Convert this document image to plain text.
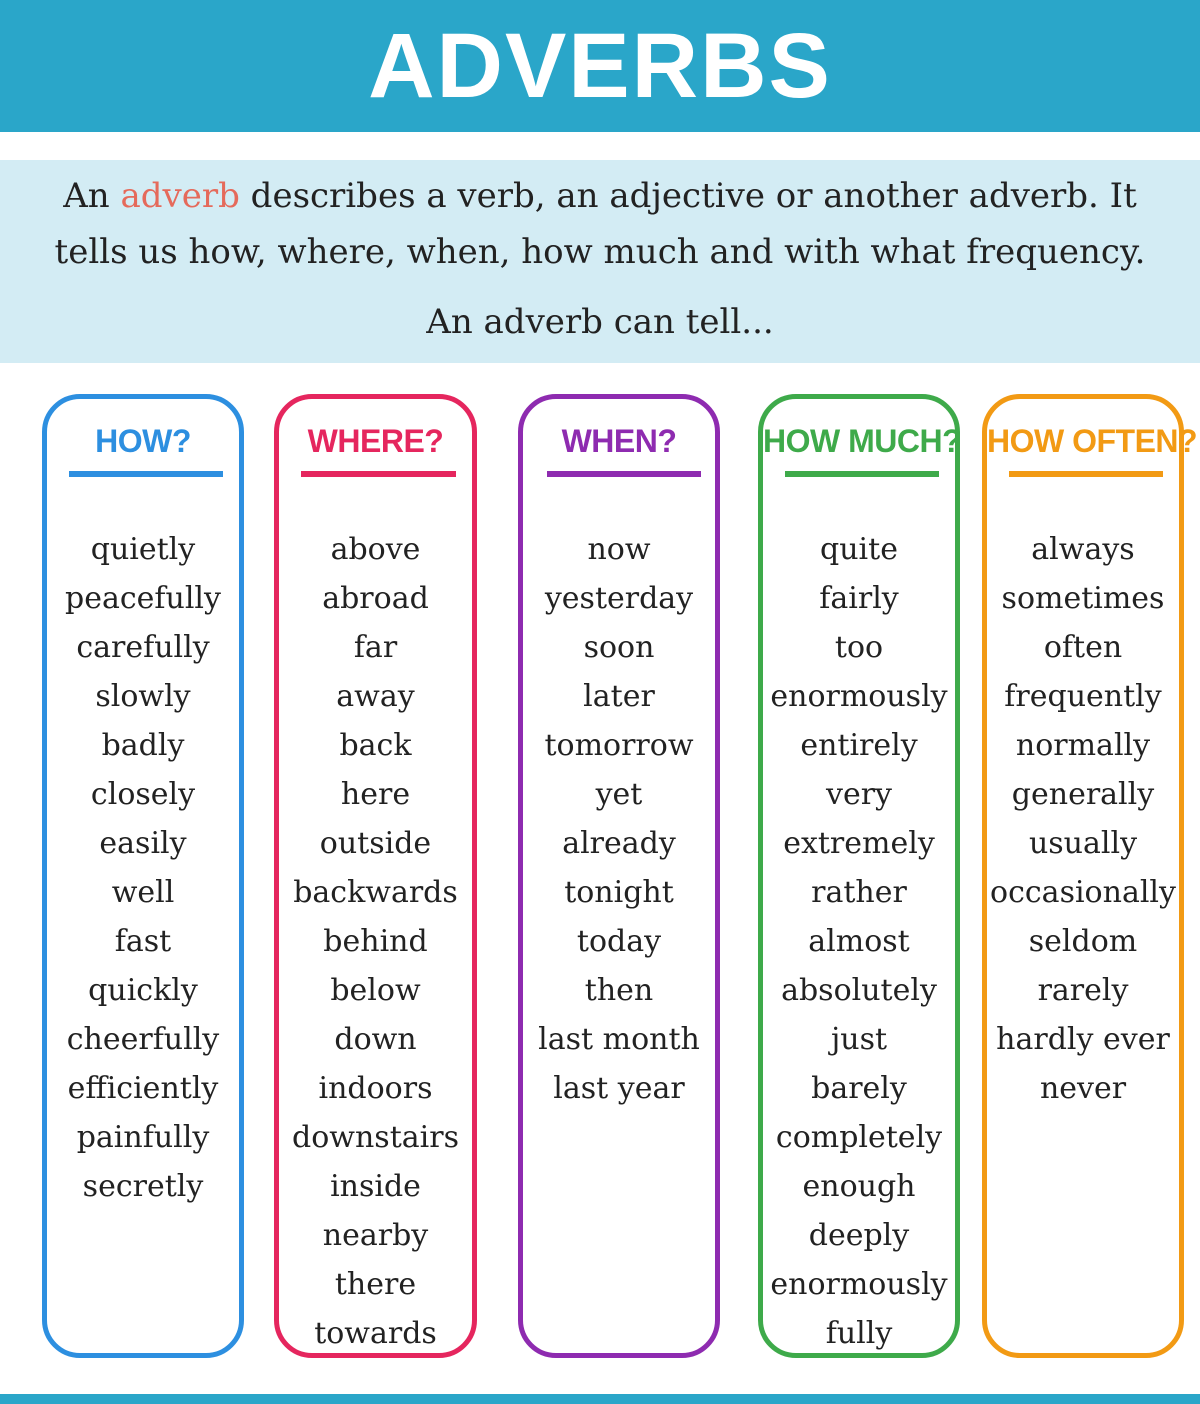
ADVERBS
An adverb describes a verb, an adjective or another adverb. It
tells us how, where, when, how much and with what frequency.
An adverb can tell...
HOW?
quietly
peacefully
carefully
slowly
badly
closely
easily
well
fast
quickly
cheerfully
efficiently
painfully
secretly
WHERE?
above
abroad
far
away
back
here
outside
backwards
behind
below
down
indoors
downstairs
inside
nearby
there
towards
WHEN?
now
yesterday
soon
later
tomorrow
yet
already
tonight
today
then
last month
last year
HOW MUCH?
quite
fairly
too
enormously
entirely
very
extremely
rather
almost
absolutely
just
barely
completely
enough
deeply
enormously
fully
HOW OFTEN?
always
sometimes
often
frequently
normally
generally
usually
occasionally
seldom
rarely
hardly ever
never
